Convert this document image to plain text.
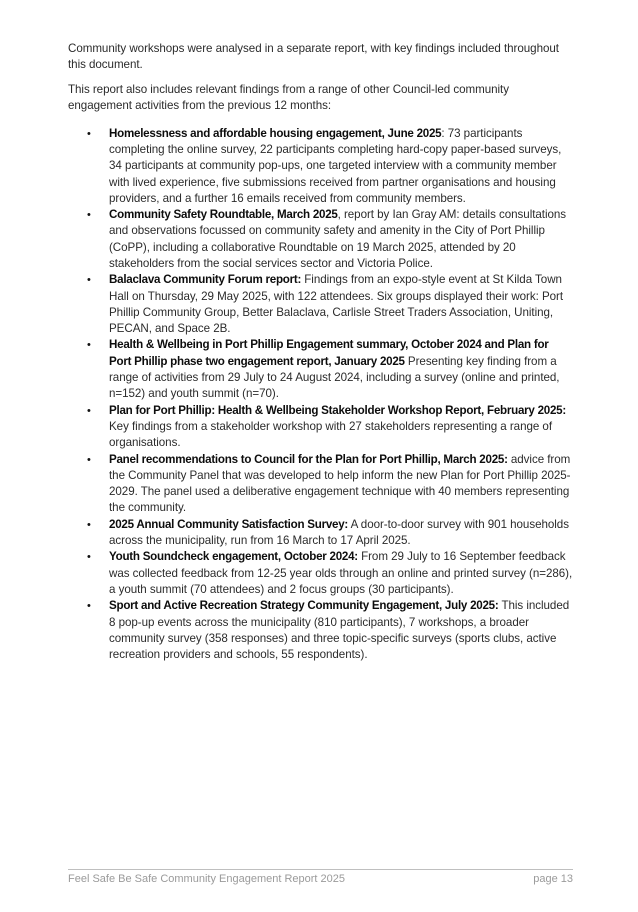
Community workshops were analysed in a separate report, with key findings included throughout this document.

This report also includes relevant findings from a range of other Council-led community engagement activities from the previous 12 months:

• Homelessness and affordable housing engagement, June 2025: 73 participants completing the online survey, 22 participants completing hard-copy paper-based surveys, 34 participants at community pop-ups, one targeted interview with a community member with lived experience, five submissions received from partner organisations and housing providers, and a further 16 emails received from community members.
• Community Safety Roundtable, March 2025, report by Ian Gray AM: details consultations and observations focussed on community safety and amenity in the City of Port Phillip (CoPP), including a collaborative Roundtable on 19 March 2025, attended by 20 stakeholders from the social services sector and Victoria Police.
• Balaclava Community Forum report: Findings from an expo-style event at St Kilda Town Hall on Thursday, 29 May 2025, with 122 attendees. Six groups displayed their work: Port Phillip Community Group, Better Balaclava, Carlisle Street Traders Association, Uniting, PECAN, and Space 2B.
• Health & Wellbeing in Port Phillip Engagement summary, October 2024 and Plan for Port Phillip phase two engagement report, January 2025 Presenting key finding from a range of activities from 29 July to 24 August 2024, including a survey (online and printed, n=152) and youth summit (n=70).
• Plan for Port Phillip: Health & Wellbeing Stakeholder Workshop Report, February 2025: Key findings from a stakeholder workshop with 27 stakeholders representing a range of organisations.
• Panel recommendations to Council for the Plan for Port Phillip, March 2025: advice from the Community Panel that was developed to help inform the new Plan for Port Phillip 2025-2029. The panel used a deliberative engagement technique with 40 members representing the community.
• 2025 Annual Community Satisfaction Survey: A door-to-door survey with 901 households across the municipality, run from 16 March to 17 April 2025.
• Youth Soundcheck engagement, October 2024: From 29 July to 16 September feedback was collected feedback from 12-25 year olds through an online and printed survey (n=286), a youth summit (70 attendees) and 2 focus groups (30 participants).
• Sport and Active Recreation Strategy Community Engagement, July 2025: This included 8 pop-up events across the municipality (810 participants), 7 workshops, a broader community survey (358 responses) and three topic-specific surveys (sports clubs, active recreation providers and schools, 55 respondents).
Feel Safe Be Safe Community Engagement Report 2025	page 13
